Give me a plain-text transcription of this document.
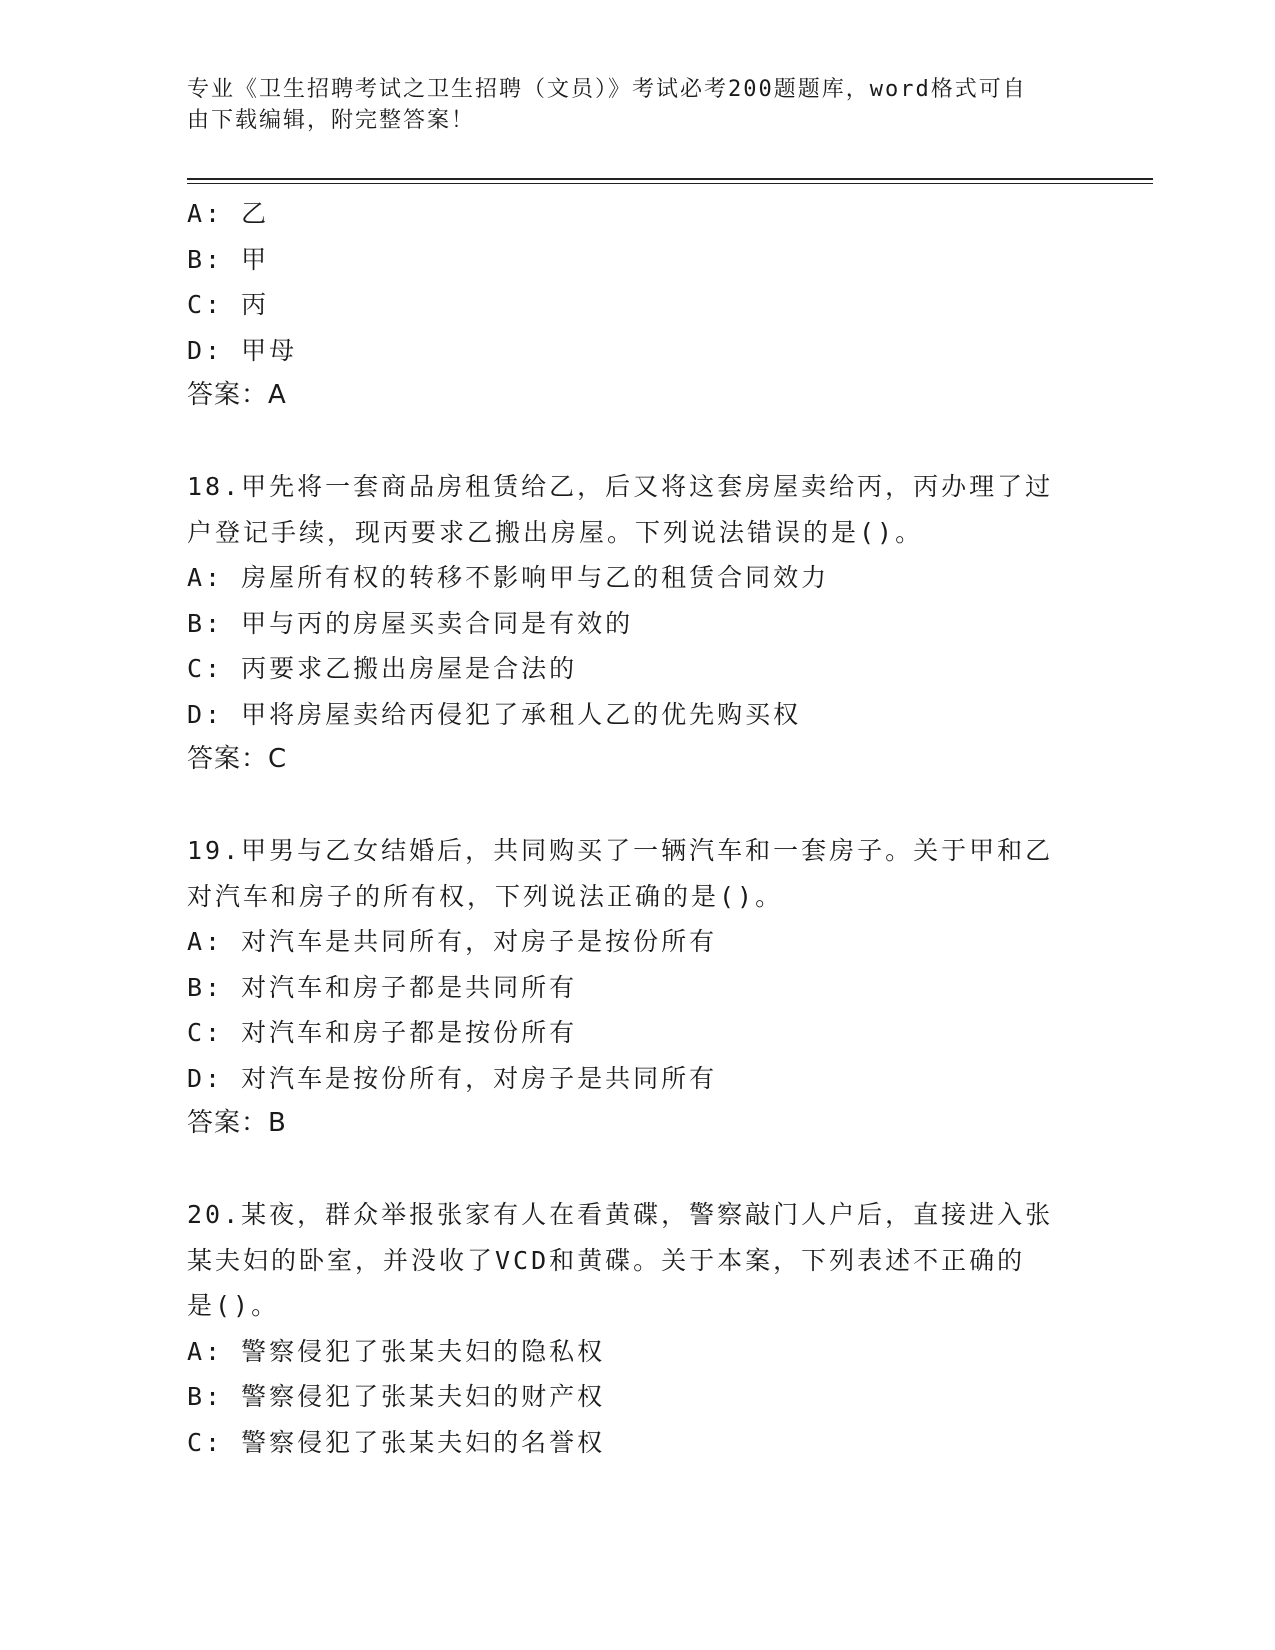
专业《卫生招聘考试之卫生招聘（文员）》考试必考200题题库，word格式可自
由下载编辑，附完整答案！
A: 乙
B: 甲
C: 丙
D: 甲母
答案：A
18.甲先将一套商品房租赁给乙，后又将这套房屋卖给丙，丙办理了过
户登记手续，现丙要求乙搬出房屋。下列说法错误的是()。
A: 房屋所有权的转移不影响甲与乙的租赁合同效力
B: 甲与丙的房屋买卖合同是有效的
C: 丙要求乙搬出房屋是合法的
D: 甲将房屋卖给丙侵犯了承租人乙的优先购买权
答案：C
19.甲男与乙女结婚后，共同购买了一辆汽车和一套房子。关于甲和乙
对汽车和房子的所有权，下列说法正确的是()。
A: 对汽车是共同所有，对房子是按份所有
B: 对汽车和房子都是共同所有
C: 对汽车和房子都是按份所有
D: 对汽车是按份所有，对房子是共同所有
答案：B
20.某夜，群众举报张家有人在看黄碟，警察敲门人户后，直接进入张
某夫妇的卧室，并没收了VCD和黄碟。关于本案，下列表述不正确的
是()。
A: 警察侵犯了张某夫妇的隐私权
B: 警察侵犯了张某夫妇的财产权
C: 警察侵犯了张某夫妇的名誉权
